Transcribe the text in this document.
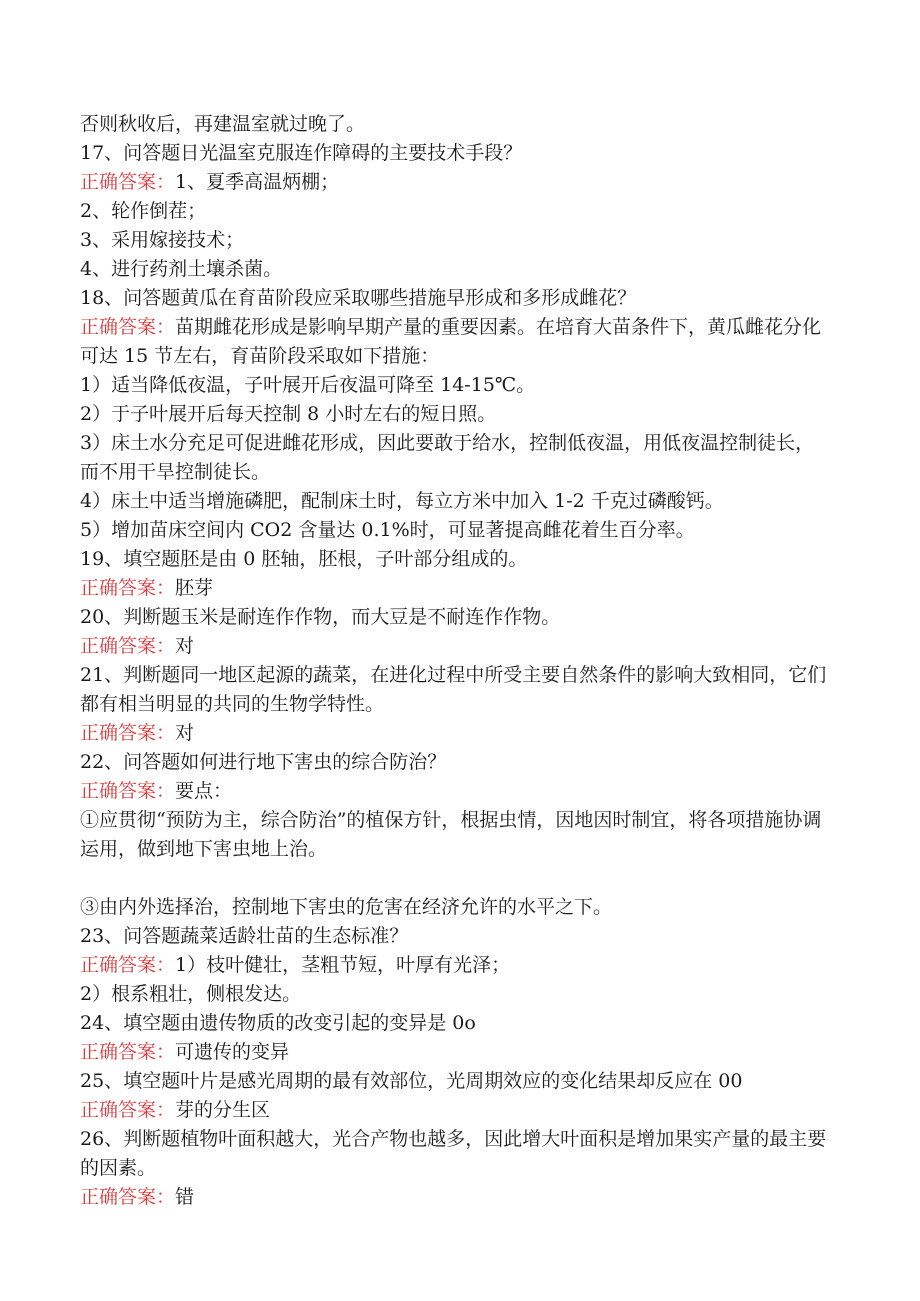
否则秋收后，再建温室就过晚了。
17、问答题日光温室克服连作障碍的主要技术手段？
正确答案：1、夏季高温炳棚；
2、轮作倒茬；
3、采用嫁接技术；
4、进行药剂土壤杀菌。
18、问答题黄瓜在育苗阶段应采取哪些措施早形成和多形成雌花？
正确答案：苗期雌花形成是影响早期产量的重要因素。在培育大苗条件下，黄瓜雌花分化可达 15 节左右，育苗阶段采取如下措施：
1）适当降低夜温，子叶展开后夜温可降至 14-15℃。
2）于子叶展开后每天控制 8 小时左右的短日照。
3）床土水分充足可促进雌花形成，因此要敢于给水，控制低夜温，用低夜温控制徒长，而不用干旱控制徒长。
4）床土中适当增施磷肥，配制床土时，每立方米中加入 1-2 千克过磷酸钙。
5）增加苗床空间内 CO2 含量达 0.1%时，可显著提高雌花着生百分率。
19、填空题胚是由 0 胚轴，胚根，子叶部分组成的。
正确答案：胚芽
20、判断题玉米是耐连作作物，而大豆是不耐连作作物。
正确答案：对
21、判断题同一地区起源的蔬菜，在进化过程中所受主要自然条件的影响大致相同，它们都有相当明显的共同的生物学特性。
正确答案：对
22、问答题如何进行地下害虫的综合防治？
正确答案：要点：
①应贯彻“预防为主，综合防治”的植保方针，根据虫情，因地因时制宜，将各项措施协调运用，做到地下害虫地上治。
③由内外选择治，控制地下害虫的危害在经济允许的水平之下。
23、问答题蔬菜适龄壮苗的生态标准？
正确答案：1）枝叶健壮，茎粗节短，叶厚有光泽；
2）根系粗壮，侧根发达。
24、填空题由遗传物质的改变引起的变异是 0o
正确答案：可遗传的变异
25、填空题叶片是感光周期的最有效部位，光周期效应的变化结果却反应在 00
正确答案：芽的分生区
26、判断题植物叶面积越大，光合产物也越多，因此增大叶面积是增加果实产量的最主要的因素。
正确答案：错
